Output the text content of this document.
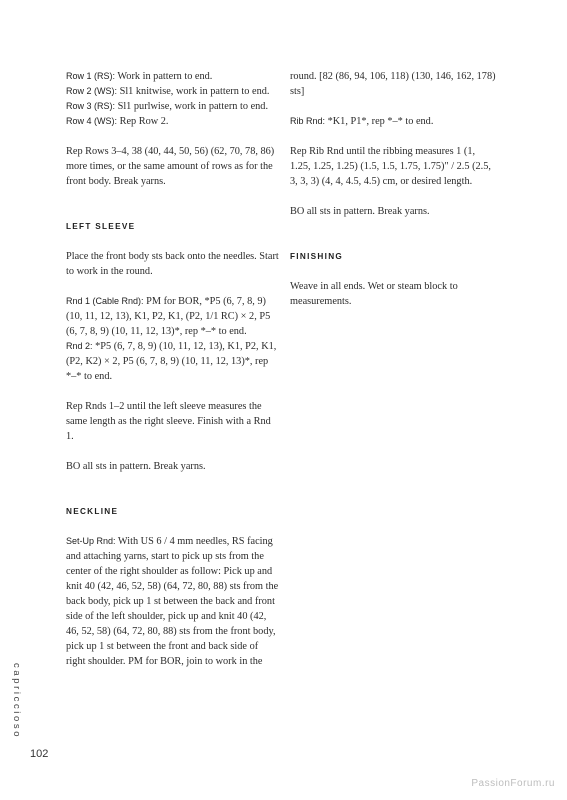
Row 1 (RS): Work in pattern to end.

Row 2 (WS): Sl1 knitwise, work in pattern to end.

Row 3 (RS): Sl1 purlwise, work in pattern to end.

Row 4 (WS): Rep Row 2.

Rep Rows 3–4, 38 (40, 44, 50, 56) (62, 70, 78, 86) more times, or the same amount of rows as for the front body. Break yarns.

LEFT SLEEVE

Place the front body sts back onto the needles. Start to work in the round.

Rnd 1 (Cable Rnd): PM for BOR, *P5 (6, 7, 8, 9) (10, 11, 12, 13), K1, P2, K1, (P2, 1/1 RC) × 2, P5 (6, 7, 8, 9) (10, 11, 12, 13)*, rep *–* to end.

Rnd 2: *P5 (6, 7, 8, 9) (10, 11, 12, 13), K1, P2, K1, (P2, K2) × 2, P5 (6, 7, 8, 9) (10, 11, 12, 13)*, rep *–* to end.

Rep Rnds 1–2 until the left sleeve measures the same length as the right sleeve. Finish with a Rnd 1.

BO all sts in pattern. Break yarns.

NECKLINE

Set-Up Rnd: With US 6 / 4 mm needles, RS facing and attaching yarns, start to pick up sts from the center of the right shoulder as follow: Pick up and knit 40 (42, 46, 52, 58) (64, 72, 80, 88) sts from the back body, pick up 1 st between the back and front side of the left shoulder, pick up and knit 40 (42, 46, 52, 58) (64, 72, 80, 88) sts from the front body, pick up 1 st between the front and back side of right shoulder. PM for BOR, join to work in the

round. [82 (86, 94, 106, 118) (130, 146, 162, 178) sts]

Rib Rnd: *K1, P1*, rep *–* to end.

Rep Rib Rnd until the ribbing measures 1 (1, 1.25, 1.25, 1.25) (1.5, 1.5, 1.75, 1.75)" / 2.5 (2.5, 3, 3, 3) (4, 4, 4.5, 4.5) cm, or desired length.

BO all sts in pattern. Break yarns.

FINISHING

Weave in all ends. Wet or steam block to measurements.

capriccioso
102
PassionForum.ru
